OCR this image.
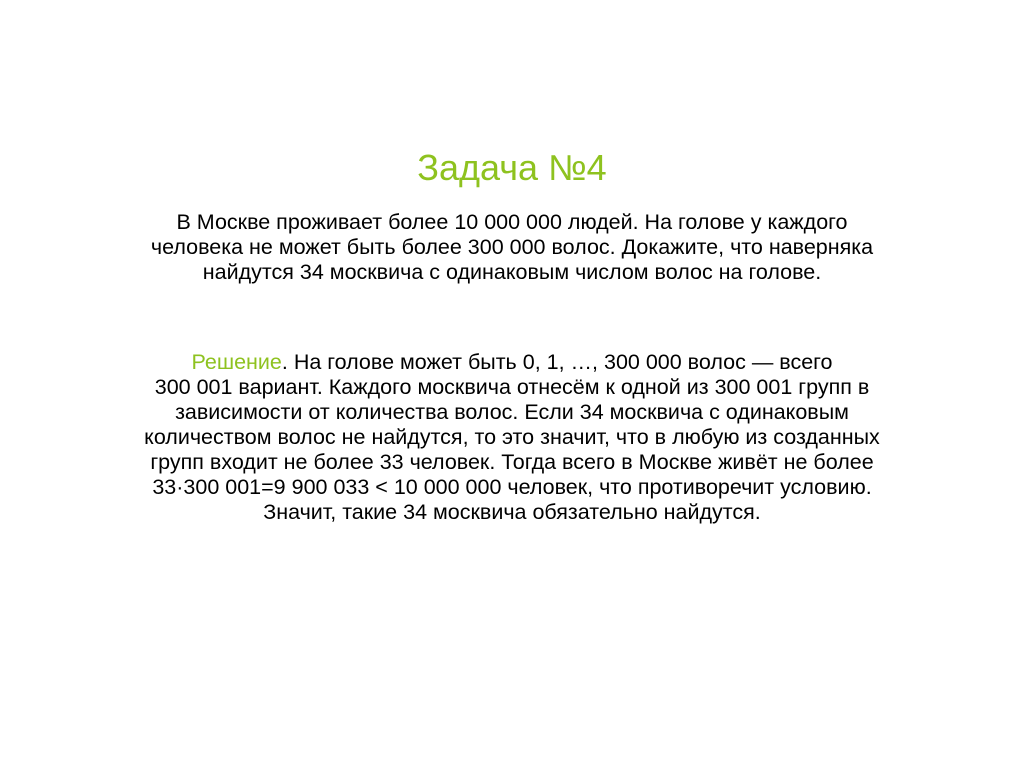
Задача №4

В Москве проживает более 10 000 000 людей. На голове у каждого
человека не может быть более 300 000 волос. Докажите, что наверняка
найдутся 34 москвича с одинаковым числом волос на голове.

Решение. На голове может быть 0, 1, …, 300 000 волос — всего
300 001 вариант. Каждого москвича отнесём к одной из 300 001 групп в
зависимости от количества волос. Если 34 москвича с одинаковым
количеством волос не найдутся, то это значит, что в любую из созданных
групп входит не более 33 человек. Тогда всего в Москве живёт не более
33·300 001=9 900 033 < 10 000 000 человек, что противоречит условию.
Значит, такие 34 москвича обязательно найдутся.
